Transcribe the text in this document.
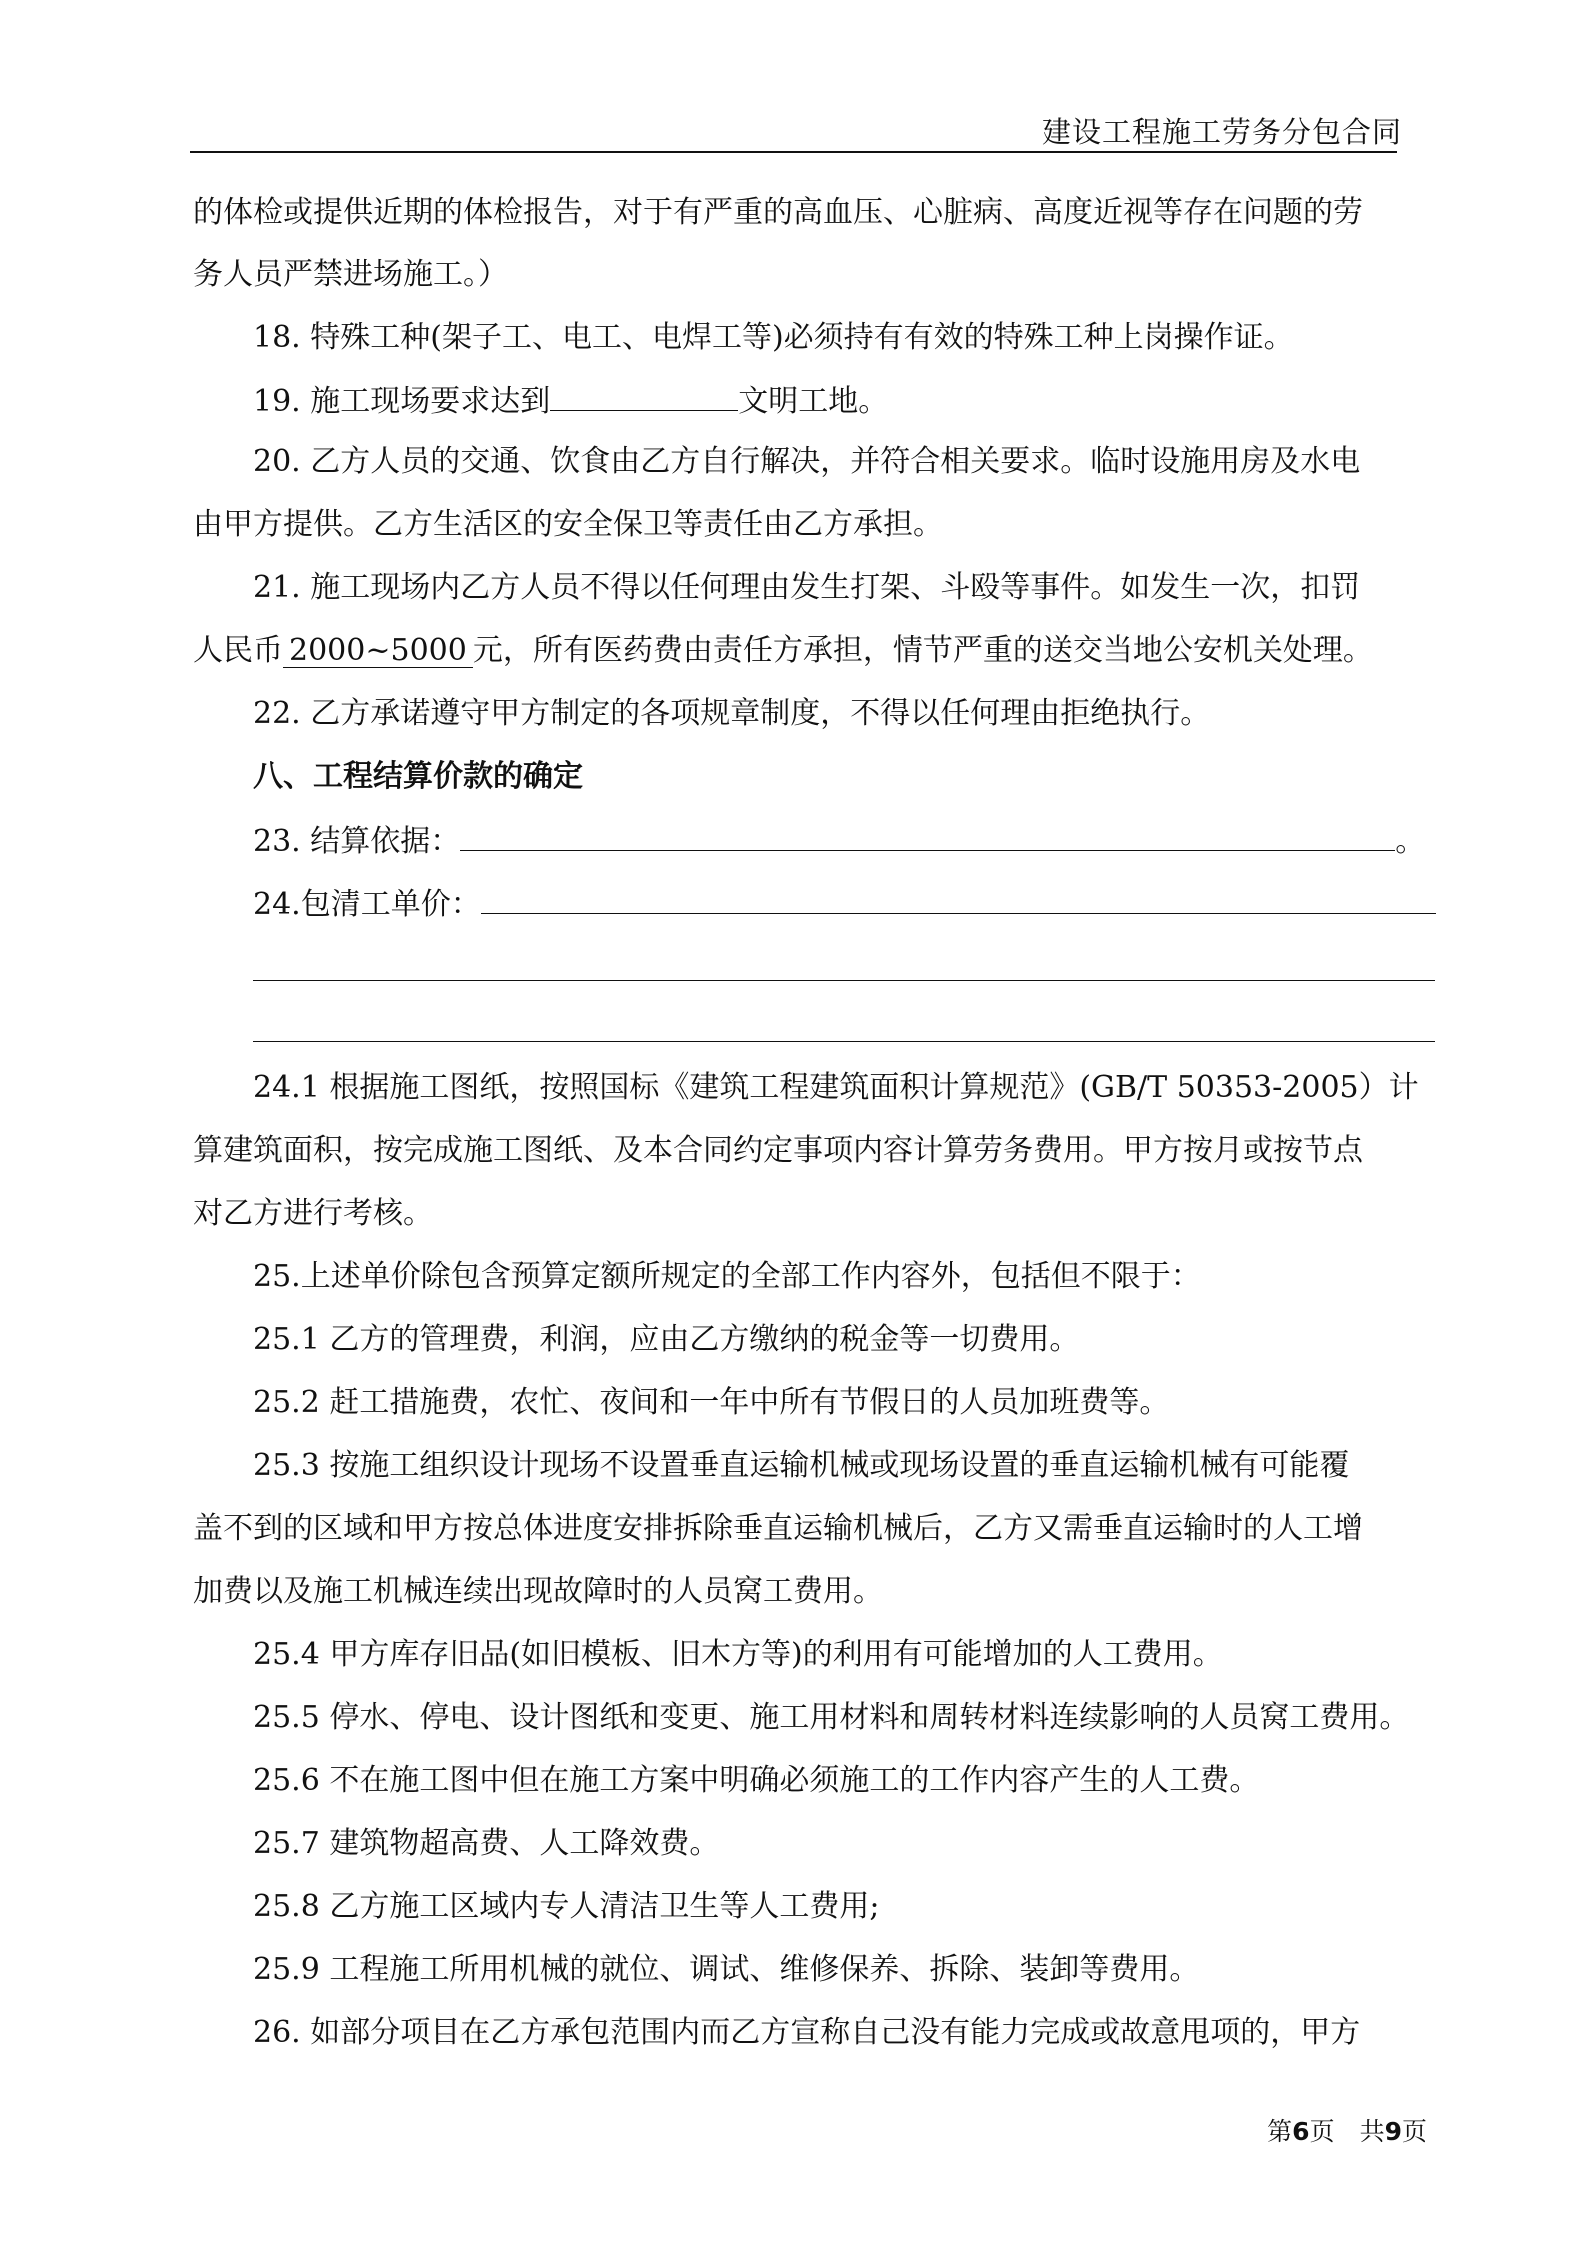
建设工程施工劳务分包合同
的体检或提供近期的体检报告，对于有严重的高血压、心脏病、高度近视等存在问题的劳
务人员严禁进场施工。）
18. 特殊工种(架子工、电工、电焊工等)必须持有有效的特殊工种上岗操作证。
19. 施工现场要求达到	文明工地。
20. 乙方人员的交通、饮食由乙方自行解决，并符合相关要求。临时设施用房及水电
由甲方提供。乙方生活区的安全保卫等责任由乙方承担。
21. 施工现场内乙方人员不得以任何理由发生打架、斗殴等事件。如发生一次，扣罚
人民币 2000~5000 元，所有医药费由责任方承担，情节严重的送交当地公安机关处理。
22. 乙方承诺遵守甲方制定的各项规章制度，不得以任何理由拒绝执行。
八、工程结算价款的确定
23. 结算依据：	。
24.包清工单价：
24.1 根据施工图纸，按照国标《建筑工程建筑面积计算规范》(GB/T 50353-2005）计
算建筑面积，按完成施工图纸、及本合同约定事项内容计算劳务费用。甲方按月或按节点
对乙方进行考核。
25.上述单价除包含预算定额所规定的全部工作内容外，包括但不限于：
25.1 乙方的管理费，利润，应由乙方缴纳的税金等一切费用。
25.2 赶工措施费，农忙、夜间和一年中所有节假日的人员加班费等。
25.3 按施工组织设计现场不设置垂直运输机械或现场设置的垂直运输机械有可能覆
盖不到的区域和甲方按总体进度安排拆除垂直运输机械后，乙方又需垂直运输时的人工增
加费以及施工机械连续出现故障时的人员窝工费用。
25.4 甲方库存旧品(如旧模板、旧木方等)的利用有可能增加的人工费用。
25.5 停水、停电、设计图纸和变更、施工用材料和周转材料连续影响的人员窝工费用。
25.6 不在施工图中但在施工方案中明确必须施工的工作内容产生的人工费。
25.7 建筑物超高费、人工降效费。
25.8 乙方施工区域内专人清洁卫生等人工费用;
25.9 工程施工所用机械的就位、调试、维修保养、拆除、装卸等费用。
26. 如部分项目在乙方承包范围内而乙方宣称自己没有能力完成或故意甩项的，甲方
第6页　共9页
